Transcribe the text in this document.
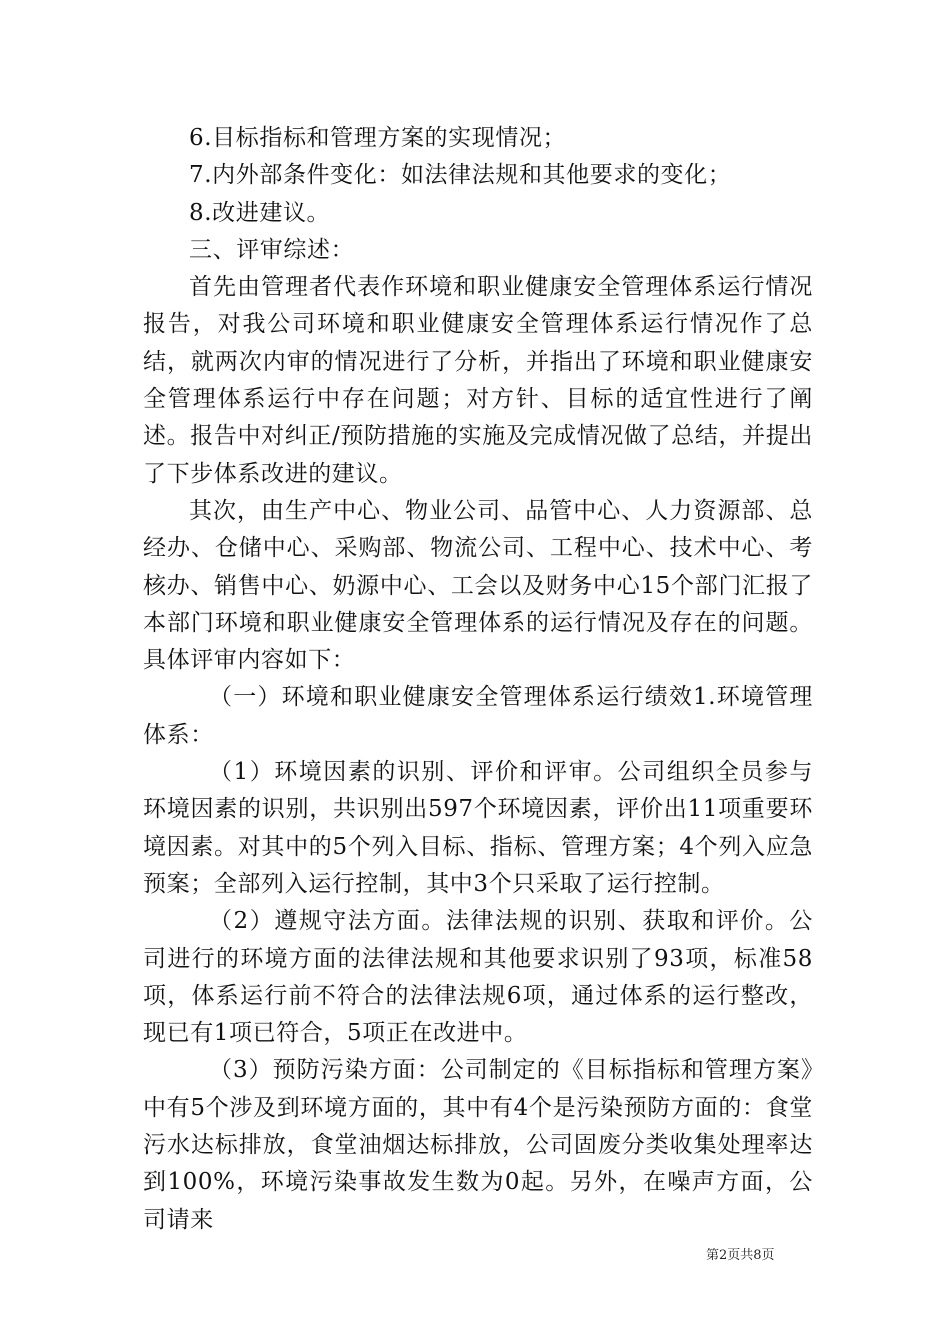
6.目标指标和管理方案的实现情况；

7.内外部条件变化：如法律法规和其他要求的变化；

8.改进建议。

三、评审综述：

首先由管理者代表作环境和职业健康安全管理体系运行情况报告，对我公司环境和职业健康安全管理体系运行情况作了总结，就两次内审的情况进行了分析，并指出了环境和职业健康安全管理体系运行中存在问题；对方针、目标的适宜性进行了阐述。报告中对纠正/预防措施的实施及完成情况做了总结，并提出了下步体系改进的建议。

其次，由生产中心、物业公司、品管中心、人力资源部、总经办、仓储中心、采购部、物流公司、工程中心、技术中心、考核办、销售中心、奶源中心、工会以及财务中心15个部门汇报了本部门环境和职业健康安全管理体系的运行情况及存在的问题。具体评审内容如下：

（一）环境和职业健康安全管理体系运行绩效1.环境管理体系：

（1）环境因素的识别、评价和评审。公司组织全员参与环境因素的识别，共识别出597个环境因素，评价出11项重要环境因素。对其中的5个列入目标、指标、管理方案；4个列入应急预案；全部列入运行控制，其中3个只采取了运行控制。

（2）遵规守法方面。法律法规的识别、获取和评价。公司进行的环境方面的法律法规和其他要求识别了93项，标准58项，体系运行前不符合的法律法规6项，通过体系的运行整改，现已有1项已符合，5项正在改进中。

（3）预防污染方面：公司制定的《目标指标和管理方案》中有5个涉及到环境方面的，其中有4个是污染预防方面的：食堂污水达标排放，食堂油烟达标排放，公司固废分类收集处理率达到100%，环境污染事故发生数为0起。另外，在噪声方面，公司请来

第2页共8页
